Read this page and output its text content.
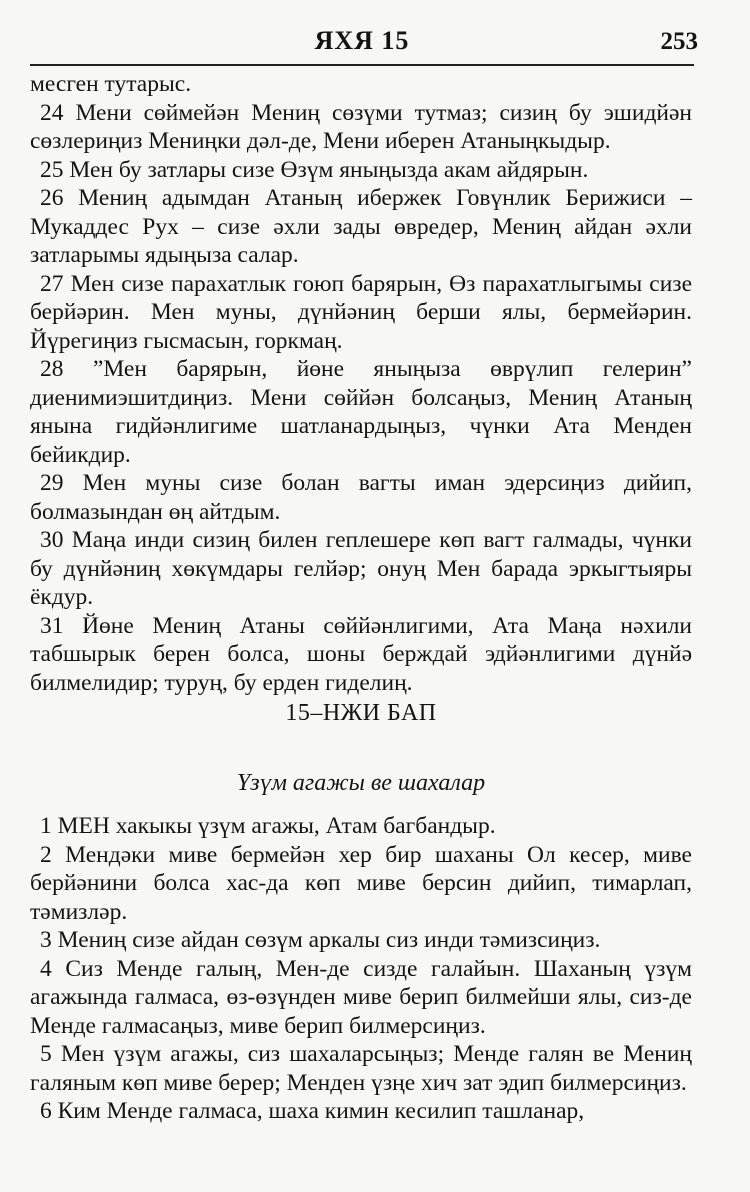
ЯХЯ 15	253

месген тутарыс.

24 Мени сөймейән Мениң сөзүми тутмаз; сизиң бу эшидйән сөзлериңиз Мениңки дәл-де, Мени иберен Атаныңкыдыр.

25 Мен бу затлары сизе Өзүм яныңызда акам айдярын.

26 Мениң адымдан Атаның ибержек Говүнлик Берижиси – Мукаддес Рух – сизе әхли зады өвредер, Мениң айдан әхли затларымы ядыңыза салар.

27 Мен сизе парахатлык гоюп барярын, Өз парахатлыгымы сизе берйәрин. Мен муны, дүнйәниң берши ялы, бермейәрин. Йүрегиңиз гысмасын, горкмаң.

28 ”Мен барярын, йөне яныңыза өврүлип гелерин” диенимиэшитдиңиз. Мени сөййән болсаңыз, Мениң Атаның янына гидйәнлигиме шатланардыңыз, чүнки Ата Менден бейикдир.

29 Мен муны сизе болан вагты иман эдерсиңиз дийип, болмазындан өң айтдым.

30 Маңа инди сизиң билен геплешере көп вагт галмады, чүнки бу дүнйәниң хөкүмдары гелйәр; онуң Мен барада эркыгтыяры ёкдур.

31 Йөне Мениң Атаны сөййәнлигими, Ата Маңа нәхили табшырык берен болса, шоны берждай эдйәнлигими дүнйә билмелидир; туруң, бу ерден гиделиң.

15–НЖИ БАП
Үзүм агажы ве шахалар

1 МЕН хакыкы үзүм агажы, Атам багбандыр.

2 Мендәки миве бермейән хер бир шаханы Ол кесер, миве берйәнини болса хас-да көп миве берсин дийип, тимарлап, тәмизләр.

3 Мениң сизе айдан сөзүм аркалы сиз инди тәмизсиңиз.

4 Сиз Менде галың, Мен-де сизде галайын. Шаханың үзүм агажында галмаса, өз-өзүнден миве берип билмейши ялы, сиз-де Менде галмасаңыз, миве берип билмерсиңиз.

5 Мен үзүм агажы, сиз шахаларсыңыз; Менде галян ве Мениң галяным көп миве берер; Менден үзңе хич зат эдип билмерсиңиз.

6 Ким Менде галмаса, шаха кимин кесилип ташланар,
